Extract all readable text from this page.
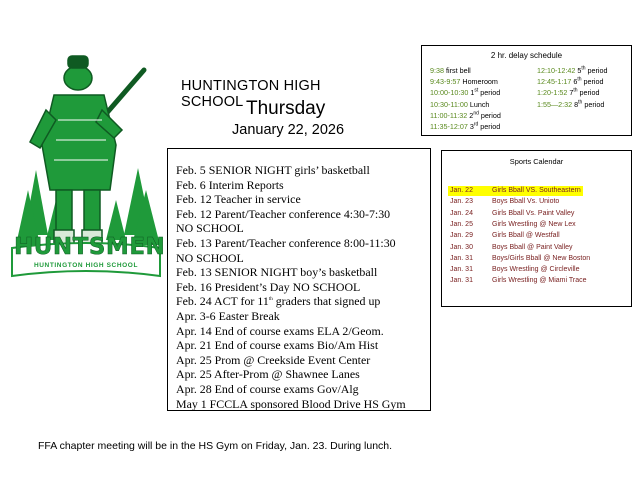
HUNTSMEN
HUNTINGTON HIGH SCHOOL
HUNTINGTON HIGH SCHOOL Thursday
January 22, 2026
2 hr. delay schedule
9:38 first bell
9:43-9:57 Homeroom
10:00-10:30 1st period
10:30-11:00 Lunch
11:00-11:32 2nd period
11:35-12:07 3rd period
12:10-12:42 5th period
12:45-1:17 6th period
1:20-1:52 7th period
1:55—2:32 8th period
Feb. 5 SENIOR NIGHT girls’ basketball
Feb. 6 Interim Reports
Feb. 12 Teacher in service
Feb. 12 Parent/Teacher conference 4:30-7:30
NO SCHOOL
Feb. 13 Parent/Teacher conference 8:00-11:30
NO SCHOOL
Feb. 13 SENIOR NIGHT boy’s basketball
Feb. 16 President’s Day NO SCHOOL
Feb. 24 ACT for 11th graders that signed up
Apr. 3-6 Easter Break
Apr. 14 End of course exams ELA 2/Geom.
Apr. 21 End of course exams Bio/Am Hist
Apr. 25 Prom @ Creekside Event Center
Apr. 25 After-Prom @ Shawnee Lanes
Apr. 28 End of course exams Gov/Alg
May 1 FCCLA sponsored Blood Drive HS Gym
Sports Calendar
Jan. 22	Girls Bball VS. Southeastern
Jan. 23	Boys Bball Vs. Unioto
Jan. 24	Girls Bball Vs. Paint Valley
Jan. 25	Girls Wrestling @ New Lex
Jan. 29	Girls Bball @ Westfall
Jan. 30	Boys Bball @ Paint Valley
Jan. 31	Boys/Girls Bball @ New Boston
Jan. 31	Boys Wrestling @ Circleville
Jan. 31	Girls Wrestling @ Miami Trace
FFA chapter meeting will be in the HS Gym on Friday, Jan. 23. During lunch.
